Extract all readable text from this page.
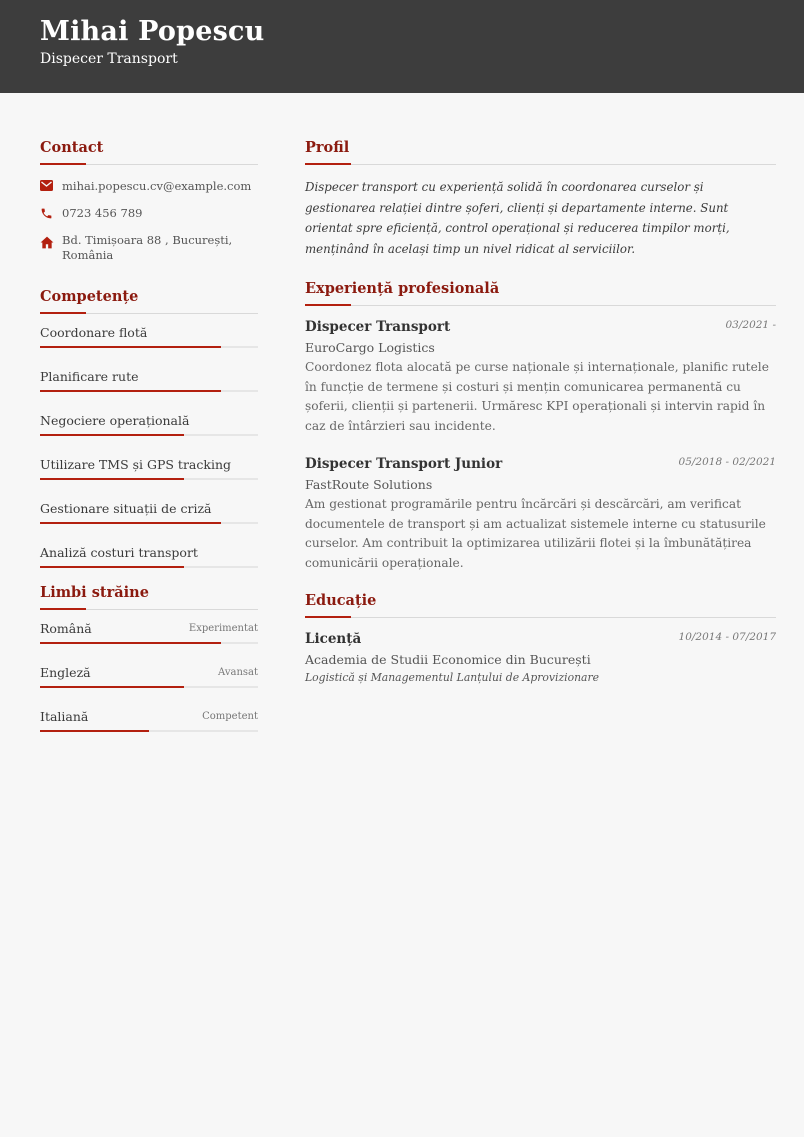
Mihai Popescu
Dispecer Transport
Contact
mihai.popescu.cv@example.com
0723 456 789
Bd. Timișoara 88 , București, România
Competențe
Coordonare flotă
Planificare rute
Negociere operațională
Utilizare TMS și GPS tracking
Gestionare situații de criză
Analiză costuri transport
Limbi străine
Română	Experimentat
Engleză	Avansat
Italiană	Competent
Profil

Dispecer transport cu experiență solidă în coordonarea curselor și gestionarea relației dintre șoferi, clienți și departamente interne. Sunt orientat spre eficiență, control operațional și reducerea timpilor morți, menținând în același timp un nivel ridicat al serviciilor.

Experiență profesională
Dispecer Transport	03/2021 -
EuroCargo Logistics
Coordonez flota alocată pe curse naționale și internaționale, planific rutele în funcție de termene și costuri și mențin comunicarea permanentă cu șoferii, clienții și partenerii. Urmăresc KPI operaționali și intervin rapid în caz de întârzieri sau incidente.
Dispecer Transport Junior	05/2018 - 02/2021
FastRoute Solutions
Am gestionat programările pentru încărcări și descărcări, am verificat documentele de transport și am actualizat sistemele interne cu statusurile curselor. Am contribuit la optimizarea utilizării flotei și la îmbunătățirea comunicării operaționale.
Educație
Licență	10/2014 - 07/2017
Academia de Studii Economice din București
Logistică și Managementul Lanțului de Aprovizionare
